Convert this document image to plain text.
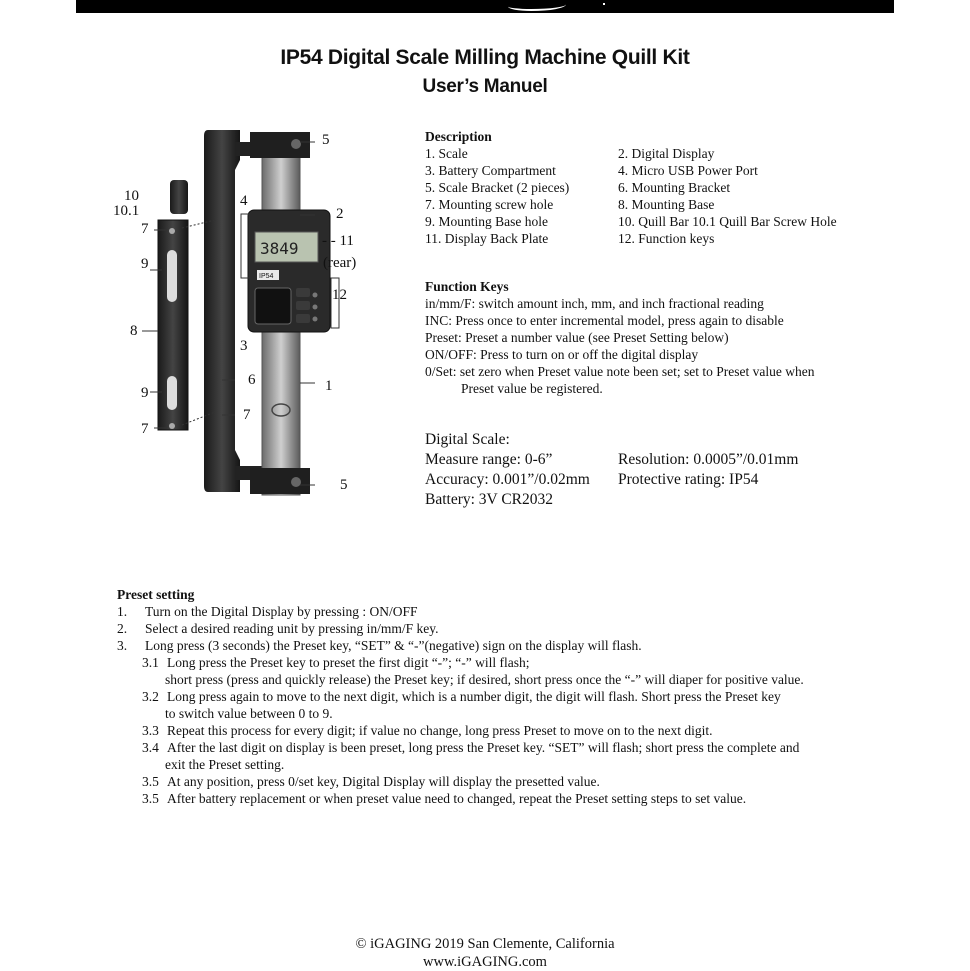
IP54 Digital Scale Milling Machine Quill Kit
User’s Manuel
3849
IP54
5
2
- - 11
(rear)
12
4
10
10.1
7
9
8
3
6	1
9
7
7
5
Description
1. Scale	2. Digital Display
3. Battery Compartment	4. Micro USB Power Port
5. Scale Bracket (2 pieces)	6. Mounting Bracket
7. Mounting screw hole	8. Mounting Base
9. Mounting Base hole	10. Quill Bar 10.1 Quill Bar Screw Hole
11. Display Back Plate	12. Function keys
Function Keys
in/mm/F: switch amount inch, mm, and inch fractional reading
INC: Press once to enter incremental model, press again to disable
Preset: Preset a number value (see Preset Setting below)
ON/OFF: Press to turn on or off the digital display
0/Set: set zero when Preset value note been set; set to Preset value when
Preset value be registered.
Digital Scale:
Measure range: 0-6”	Resolution: 0.0005”/0.01mm
Accuracy: 0.001”/0.02mm	Protective rating: IP54
Battery: 3V CR2032
Preset setting
1. Turn on the Digital Display by pressing : ON/OFF
2. Select a desired reading unit by pressing in/mm/F key.
3. Long press (3 seconds) the Preset key, “SET” & “-”(negative) sign on the display will flash.
3.1 Long press the Preset key to preset the first digit “-”; “-” will flash;
short press (press and quickly release) the Preset key; if desired, short press once the “-” will diaper for positive value.
3.2 Long press again to move to the next digit, which is a number digit, the digit will flash. Short press the Preset key
to switch value between 0 to 9.
3.3 Repeat this process for every digit; if value no change, long press Preset to move on to the next digit.
3.4 After the last digit on display is been preset, long press the Preset key. “SET” will flash; short press the complete and
exit the Preset setting.
3.5 At any position, press 0/set key, Digital Display will display the presetted value.
3.5 After battery replacement or when preset value need to changed, repeat the Preset setting steps to set value.
© iGAGING 2019 San Clemente, California
www.iGAGING.com
